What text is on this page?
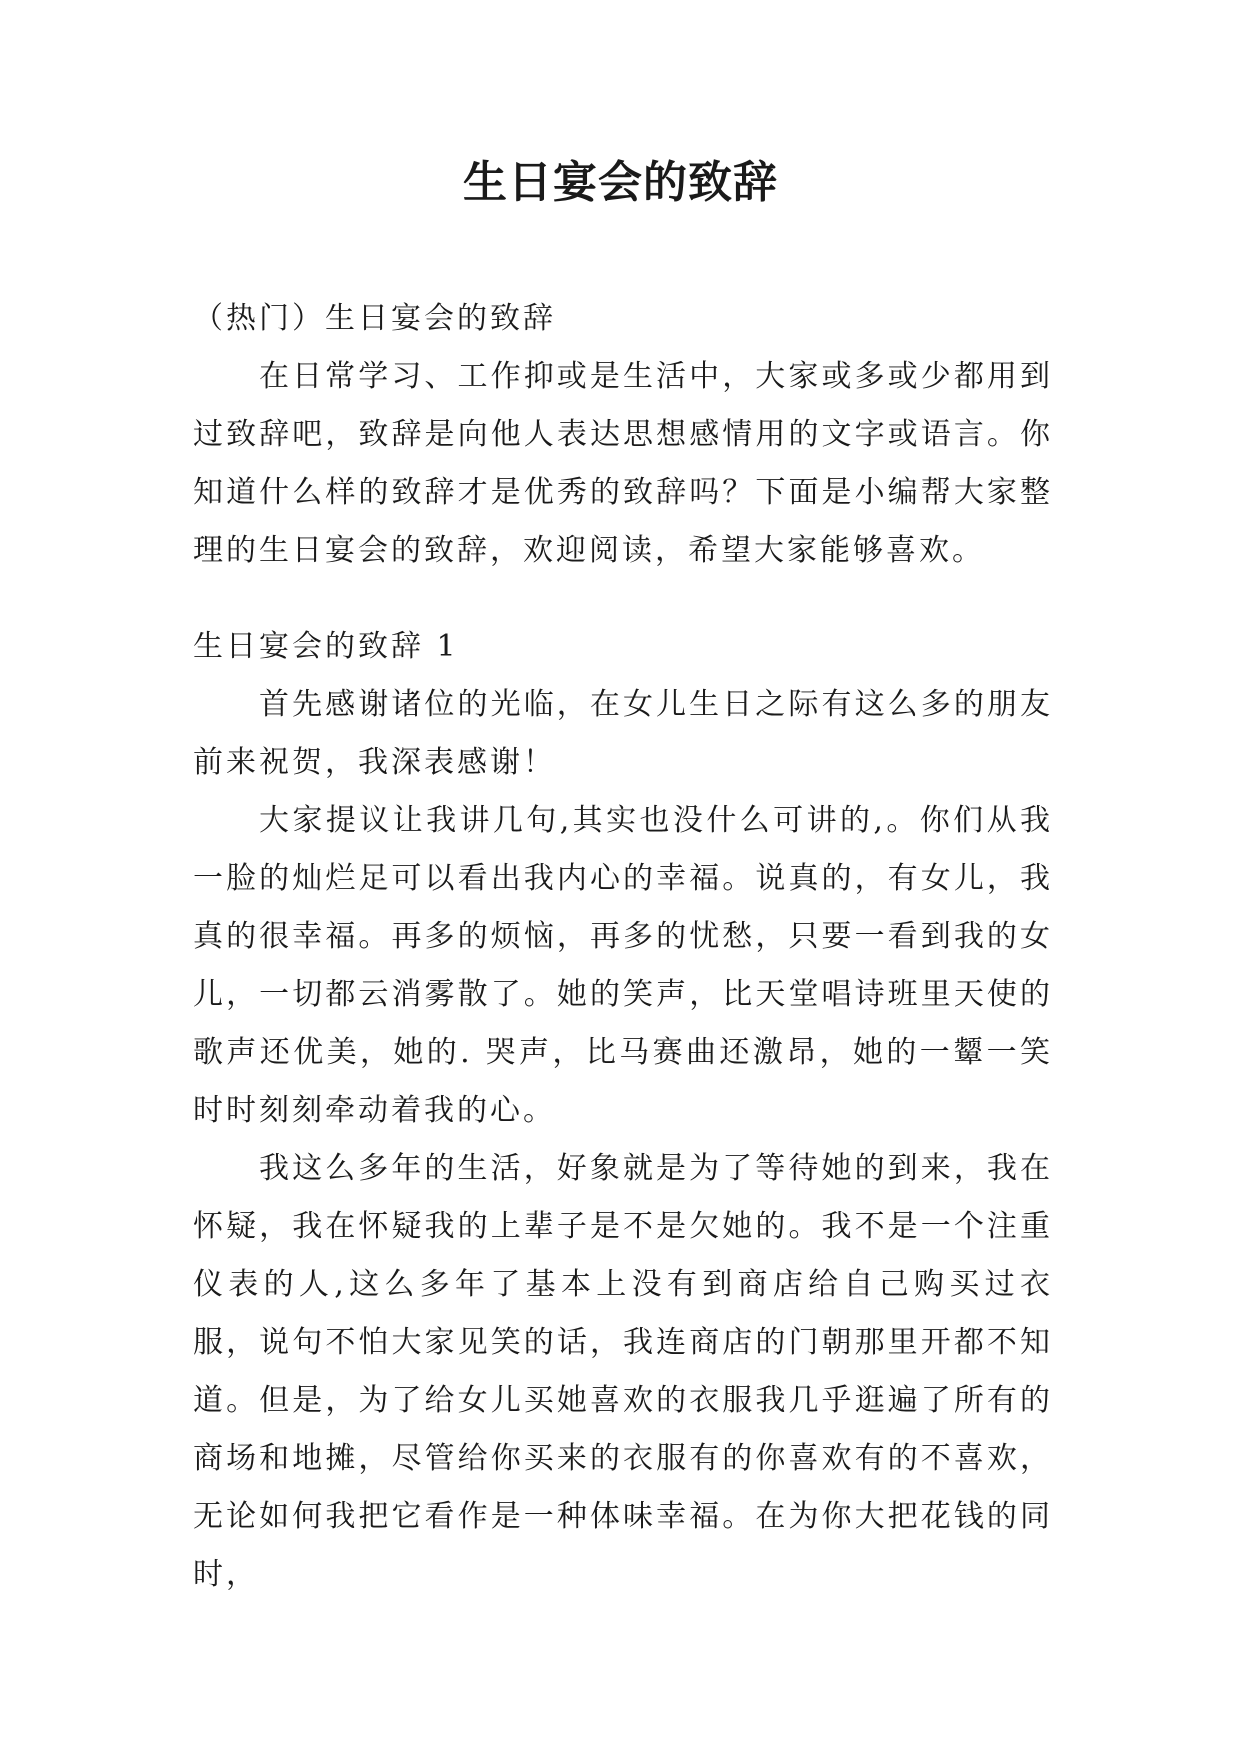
生日宴会的致辞

（热门）生日宴会的致辞

在日常学习、工作抑或是生活中，大家或多或少都用到过致辞吧，致辞是向他人表达思想感情用的文字或语言。你知道什么样的致辞才是优秀的致辞吗？下面是小编帮大家整理的生日宴会的致辞，欢迎阅读，希望大家能够喜欢。

生日宴会的致辞 1

首先感谢诸位的光临，在女儿生日之际有这么多的朋友前来祝贺，我深表感谢！

大家提议让我讲几句,其实也没什么可讲的,。你们从我一脸的灿烂足可以看出我内心的幸福。说真的，有女儿，我真的很幸福。再多的烦恼，再多的忧愁，只要一看到我的女儿，一切都云消雾散了。她的笑声，比天堂唱诗班里天使的歌声还优美，她的. 哭声，比马赛曲还激昂，她的一颦一笑时时刻刻牵动着我的心。

我这么多年的生活，好象就是为了等待她的到来，我在怀疑，我在怀疑我的上辈子是不是欠她的。我不是一个注重仪表的人,这么多年了基本上没有到商店给自己购买过衣服，说句不怕大家见笑的话，我连商店的门朝那里开都不知道。但是，为了给女儿买她喜欢的衣服我几乎逛遍了所有的商场和地摊，尽管给你买来的衣服有的你喜欢有的不喜欢，无论如何我把它看作是一种体味幸福。在为你大把花钱的同时，
